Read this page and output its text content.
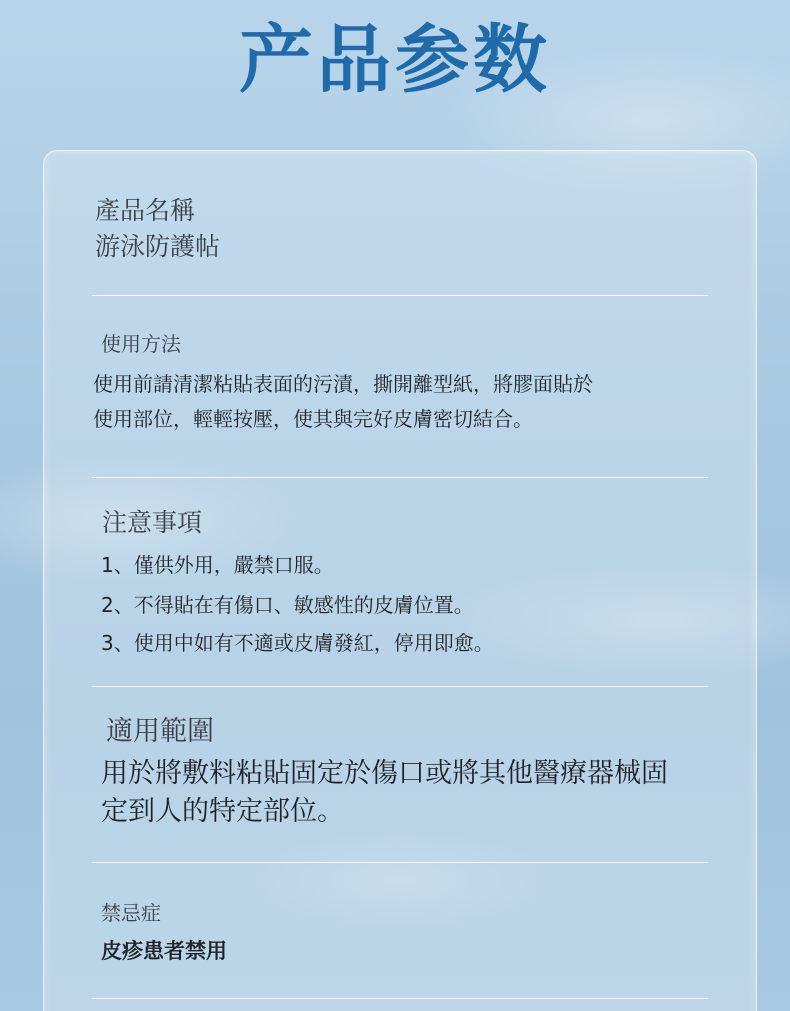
产品参数
產品名稱
游泳防護帖
使用方法
使用前請清潔粘貼表面的污漬，撕開離型紙，將膠面貼於
使用部位，輕輕按壓，使其與完好皮膚密切結合。
注意事項
1、僅供外用，嚴禁口服。
2、不得貼在有傷口、敏感性的皮膚位置。
3、使用中如有不適或皮膚發紅，停用即愈。
適用範圍
用於將敷料粘貼固定於傷口或將其他醫療器械固
定到人的特定部位。
禁忌症
皮疹患者禁用
